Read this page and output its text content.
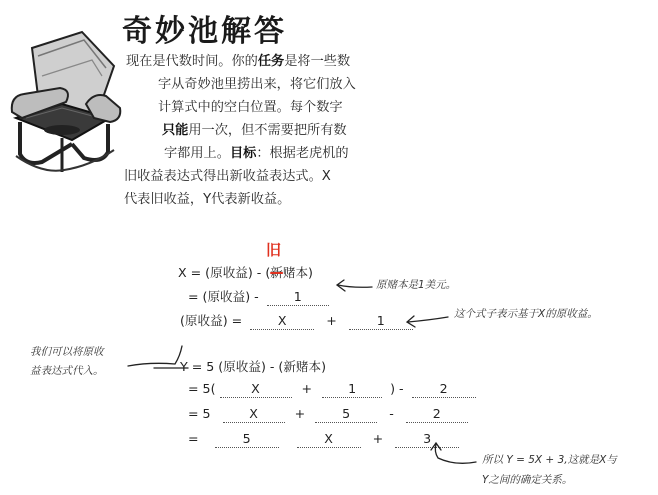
奇妙池解答
现在是代数时间。你的任务是将一些数
字从奇妙池里捞出来，将它们放入
计算式中的空白位置。每个数字
只能用一次，但不需要把所有数
字都用上。目标：根据老虎机的
旧收益表达式得出新收益表达式。X
代表旧收益，Y代表新收益。
旧
X = (原收益) - (新赌本)
= (原收益) -	1
(原收益) =	X	+	1
Y = 5 (原收益) - (新赌本)
= 5(	X	+	1	) -	2
= 5	X	+	5	-	2
=	5	X	+	3
原赌本是1美元。
这个式子表示基于X的原收益。
我们可以将原收
益表达式代入。
所以 Y = 5X + 3,这就是X与
Y之间的确定关系。
